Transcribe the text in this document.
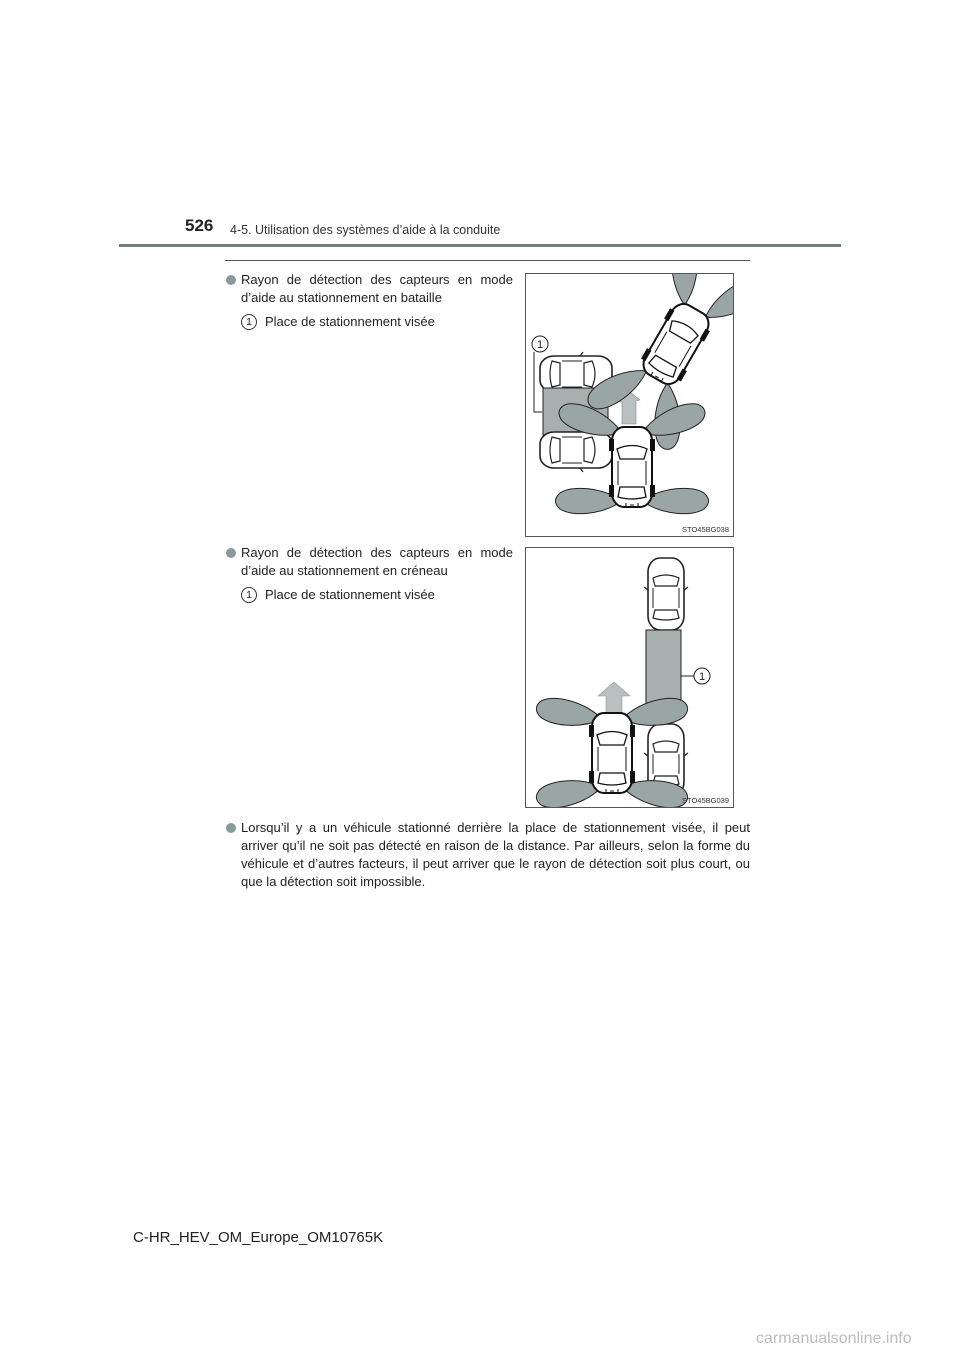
526 4-5. Utilisation des systèmes d’aide à la conduite
Rayon de détection des capteurs en mode d’aide au stationnement en bataille
1	Place de stationnement visée
1
STO45BG038
Rayon de détection des capteurs en mode d’aide au stationnement en créneau
1	Place de stationnement visée
1
STO45BG039
Lorsqu’il y a un véhicule stationné derrière la place de stationnement visée, il peut arriver qu’il ne soit pas détecté en raison de la distance. Par ailleurs, selon la forme du véhicule et d’autres facteurs, il peut arriver que le rayon de détection soit plus court, ou que la détection soit impossible.
C-HR_HEV_OM_Europe_OM10765K
carmanualsonline.info
